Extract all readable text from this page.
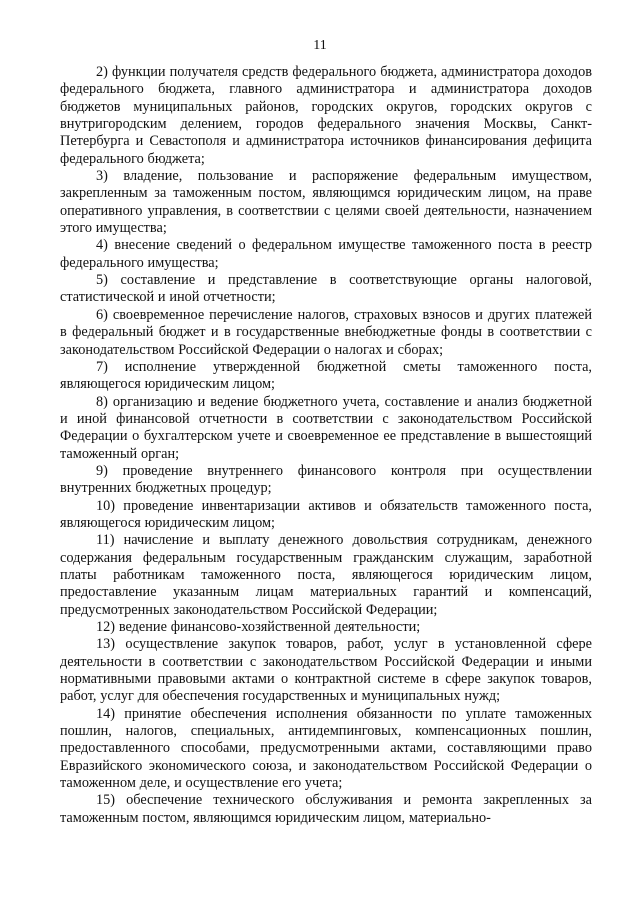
11

2) функции получателя средств федерального бюджета, администратора доходов федерального бюджета, главного администратора и администратора доходов бюджетов муниципальных районов, городских округов, городских округов с внутригородским делением, городов федерального значения Москвы, Санкт-Петербурга и Севастополя и администратора источников финансирования дефицита федерального бюджета;

3) владение, пользование и распоряжение федеральным имуществом, закрепленным за таможенным постом, являющимся юридическим лицом, на праве оперативного управления, в соответствии с целями своей деятельности, назначением этого имущества;

4) внесение сведений о федеральном имуществе таможенного поста в реестр федерального имущества;

5) составление и представление в соответствующие органы налоговой, статистической и иной отчетности;

6) своевременное перечисление налогов, страховых взносов и других платежей в федеральный бюджет и в государственные внебюджетные фонды в соответствии с законодательством Российской Федерации о налогах и сборах;

7) исполнение утвержденной бюджетной сметы таможенного поста, являющегося юридическим лицом;

8) организацию и ведение бюджетного учета, составление и анализ бюджетной и иной финансовой отчетности в соответствии с законодательством Российской Федерации о бухгалтерском учете и своевременное ее представление в вышестоящий таможенный орган;

9) проведение внутреннего финансового контроля при осуществлении внутренних бюджетных процедур;

10) проведение инвентаризации активов и обязательств таможенного поста, являющегося юридическим лицом;

11) начисление и выплату денежного довольствия сотрудникам, денежного содержания федеральным государственным гражданским служащим, заработной платы работникам таможенного поста, являющегося юридическим лицом, предоставление указанным лицам материальных гарантий и компенсаций, предусмотренных законодательством Российской Федерации;

12) ведение финансово-хозяйственной деятельности;

13) осуществление закупок товаров, работ, услуг в установленной сфере деятельности в соответствии с законодательством Российской Федерации и иными нормативными правовыми актами о контрактной системе в сфере закупок товаров, работ, услуг для обеспечения государственных и муниципальных нужд;

14) принятие обеспечения исполнения обязанности по уплате таможенных пошлин, налогов, специальных, антидемпинговых, компенсационных пошлин, предоставленного способами, предусмотренными актами, составляющими право Евразийского экономического союза, и законодательством Российской Федерации о таможенном деле, и осуществление его учета;

15) обеспечение технического обслуживания и ремонта закрепленных за таможенным постом, являющимся юридическим лицом, материально-
